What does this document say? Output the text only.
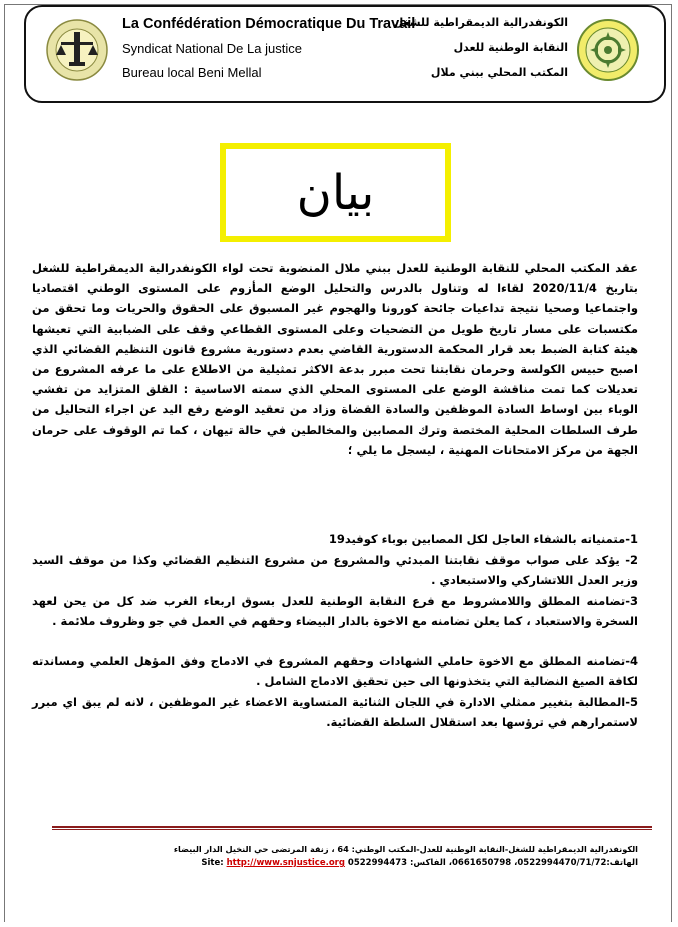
La Confédération Démocratique Du Travail
Syndicat National De La justice
Bureau local Beni Mellal
الكونفدرالية الديمقراطية للشغل
النقابة الوطنية للعدل
المكتب المحلي ببني ملال
بيان

عقد المكتب المحلي للنقابة الوطنية للعدل ببني ملال المنضوية تحت لواء الكونفدرالية الديمقراطية للشغل بتاريخ 2020/11/4 لقاءا له وتناول بالدرس والتحليل الوضع المأزوم على المستوى الوطني اقتصاديا واجتماعيا وصحيا نتيجة تداعيات جائحة كورونا والهجوم غير المسبوق على الحقوق والحريات وما تحقق من مكتسبات على مسار تاريخ طويل من التضحيات وعلى المستوى القطاعي وقف على الضبابية التي تعيشها هيئة كتابة الضبط بعد قرار المحكمة الدستورية القاضي بعدم دستورية مشروع قانون التنظيم القضائي الذي اصبح حبيس الكولسة وحرمان نقابتنا تحت مبرر بدعة الاكثر تمثيلية من الاطلاع على ما عرفه المشروع من تعديلات كما تمت مناقشة الوضع على المستوى المحلي الذي سمته الاساسية : القلق المتزايد من تفشي الوباء بين اوساط السادة الموظفين والسادة القضاة وزاد من تعقيد الوضع رفع اليد عن اجراء التحاليل من طرف السلطات المحلية المختصة وترك المصابين والمخالطين في حالة تيهان ، كما تم الوقوف على حرمان الجهة من مركز الامتحانات المهنية ، ليسجل ما يلي ؛

1-متمنياته بالشفاء العاجل لكل المصابين بوباء كوفيد19

2- يؤكد على صواب موقف نقابتنا المبدئي والمشروع من مشروع التنظيم القضائي وكذا من موقف السيد وزير العدل اللاتشاركي والاستبعادي .

3-تضامنه المطلق واللامشروط مع فرع النقابة الوطنية للعدل بسوق اربعاء الغرب ضد كل من يحن لعهد السخرة والاستعباد ، كما يعلن تضامنه مع الاخوة بالدار البيضاء وحقهم في العمل في جو وظروف ملائمة .

4-تضامنه المطلق مع الاخوة حاملي الشهادات وحقهم المشروع في الادماج وفق المؤهل العلمي ومساندته لكافة الصيغ النضالية التي يتخذونها الى حين تحقيق الادماج الشامل .

5-المطالبة بتغيير ممثلي الادارة في اللجان الثنائية المتساوية الاعضاء غير الموظفين ، لانه لم يبق اي مبرر لاستمرارهم في ترؤسها بعد استقلال السلطة القضائية.

الكونفدرالية الديمقراطية للشغل-النقابة الوطنية للعدل-المكتب الوطني: 64 ، زنقة المرتضى حي النخيل الدار البيضاء
Site: http://www.snjustice.org الهاتف:0522994470/71/72، 0661650798، الفاكس: 0522994473
